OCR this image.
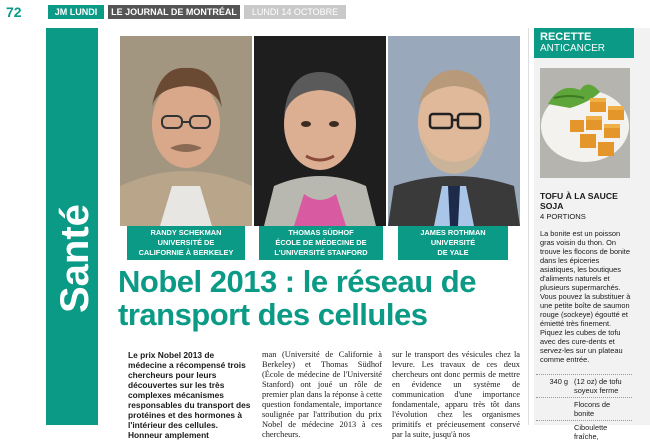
72	JM LUNDI	LE JOURNAL DE MONTRÉAL	LUNDI 14 OCTOBRE 2013
Santé	RANDY SCHEKMAN
UNIVERSITÉ DE
CALIFORNIE À BERKELEY
THOMAS SÜDHOF
ÉCOLE DE MÉDECINE DE
L'UNIVERSITÉ STANFORD
JAMES ROTHMAN
UNIVERSITÉ
DE YALE
Nobel 2013 : le réseau de transport des cellules

Le prix Nobel 2013 de médecine a récompensé trois chercheurs pour leurs découvertes sur les très complexes mécanismes responsables du transport des protéines et des hormones à l'intérieur des cellules. Honneur amplement

man (Université de Californie à Berkeley) et Thomas Südhof (École de médecine de l'Université Stanford) ont joué un rôle de premier plan dans la réponse à cette question fondamentale, importance soulignée par l'attribution du prix Nobel de médecine 2013 à ces chercheurs.

sur le transport des vésicules chez la levure. Les travaux de ces deux chercheurs ont donc permis de mettre en évidence un système de communication d'une importance fondamentale, apparu très tôt dans l'évolution chez les organismes primitifs et précieusement conservé par la suite, jusqu'à nos

RECETTE
ANTICANCER
TOFU À LA SAUCE SOJA
4 PORTIONS

La bonite est un poisson gras voisin du thon. On trouve les flocons de bonite dans les épiceries asiatiques, les boutiques d'aliments naturels et plusieurs supermarchés. Vous pouvez la substituer à une petite boîte de saumon rouge (sockeye) égoutté et émietté très finement. Piquez les cubes de tofu avec des cure-dents et servez-les sur un plateau comme entrée.

340 g (12 oz) de tofu soyeux ferme
Flocons de bonite
Ciboulette fraîche,
